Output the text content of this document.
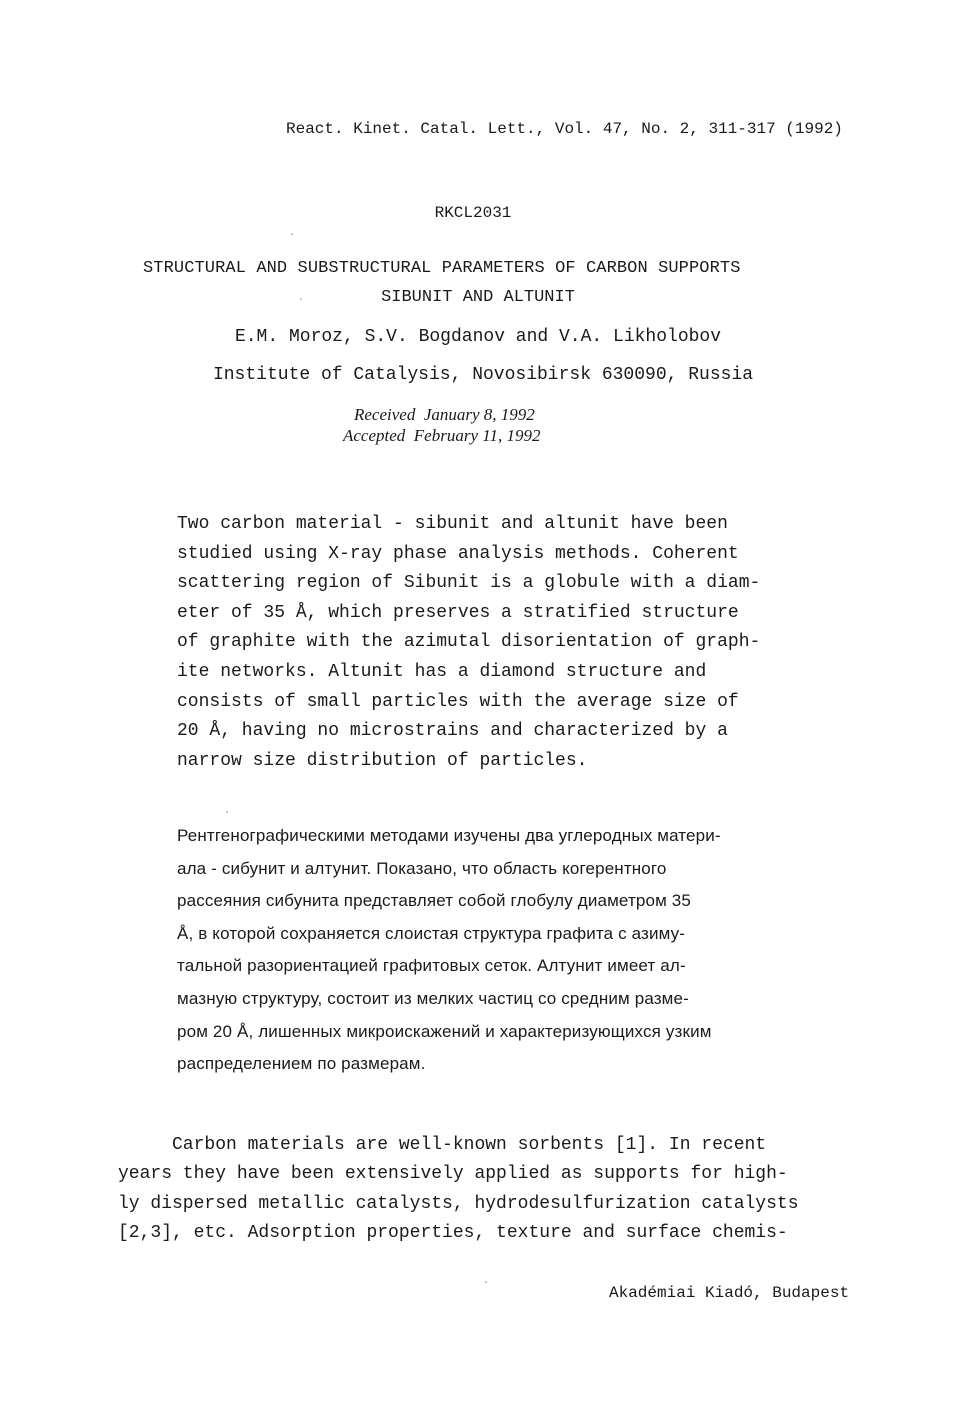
React. Kinet. Catal. Lett., Vol. 47, No. 2, 311-317 (1992)
RKCL2031
STRUCTURAL AND SUBSTRUCTURAL PARAMETERS OF CARBON SUPPORTS
SIBUNIT AND ALTUNIT
E.M. Moroz, S.V. Bogdanov and V.A. Likholobov
Institute of Catalysis, Novosibirsk 630090, Russia
Received  January 8, 1992
Accepted  February 11, 1992
Two carbon material - sibunit and altunit have been
studied using X-ray phase analysis methods. Coherent
scattering region of Sibunit is a globule with a diam-
eter of 35 Å, which preserves a stratified structure
of graphite with the azimutal disorientation of graph-
ite networks. Altunit has a diamond structure and
consists of small particles with the average size of
20 Å, having no microstrains and characterized by a
narrow size distribution of particles.
Рентгенографическими методами изучены два углеродных матери-
ала - сибунит и алтунит. Показано, что область когерентного
рассеяния сибунита представляет собой глобулу диаметром 35
Å, в которой сохраняется слоистая структура графита с азиму-
тальной разориентацией графитовых сеток. Алтунит имеет ал-
мазную структуру, состоит из мелких частиц со средним разме-
ром 20 Å, лишенных микроискажений и характеризующихся узким
распределением по размерам.
Carbon materials are well-known sorbents [1]. In recent
years they have been extensively applied as supports for high-
ly dispersed metallic catalysts, hydrodesulfurization catalysts
[2,3], etc. Adsorption properties, texture and surface chemis-
Akadémiai Kiadó, Budapest
